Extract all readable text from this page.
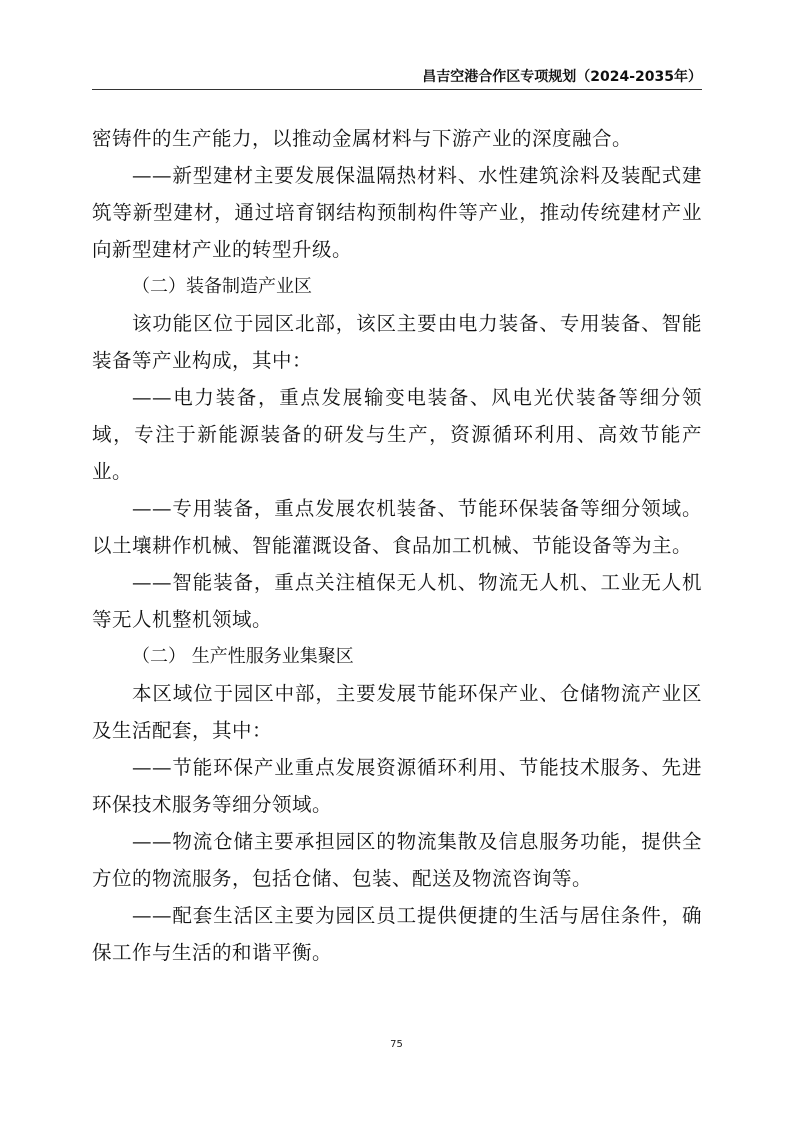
昌吉空港合作区专项规划（2024-2035年）

密铸件的生产能力，以推动金属材料与下游产业的深度融合。

——新型建材主要发展保温隔热材料、水性建筑涂料及装配式建筑等新型建材，通过培育钢结构预制构件等产业，推动传统建材产业向新型建材产业的转型升级。

（二）装备制造产业区

该功能区位于园区北部，该区主要由电力装备、专用装备、智能装备等产业构成，其中：

——电力装备，重点发展输变电装备、风电光伏装备等细分领域，专注于新能源装备的研发与生产，资源循环利用、高效节能产业。

——专用装备，重点发展农机装备、节能环保装备等细分领域。以土壤耕作机械、智能灌溉设备、食品加工机械、节能设备等为主。

——智能装备，重点关注植保无人机、物流无人机、工业无人机等无人机整机领域。

（二） 生产性服务业集聚区

本区域位于园区中部，主要发展节能环保产业、仓储物流产业区及生活配套，其中：

——节能环保产业重点发展资源循环利用、节能技术服务、先进环保技术服务等细分领域。

——物流仓储主要承担园区的物流集散及信息服务功能，提供全方位的物流服务，包括仓储、包装、配送及物流咨询等。

——配套生活区主要为园区员工提供便捷的生活与居住条件，确保工作与生活的和谐平衡。

75
